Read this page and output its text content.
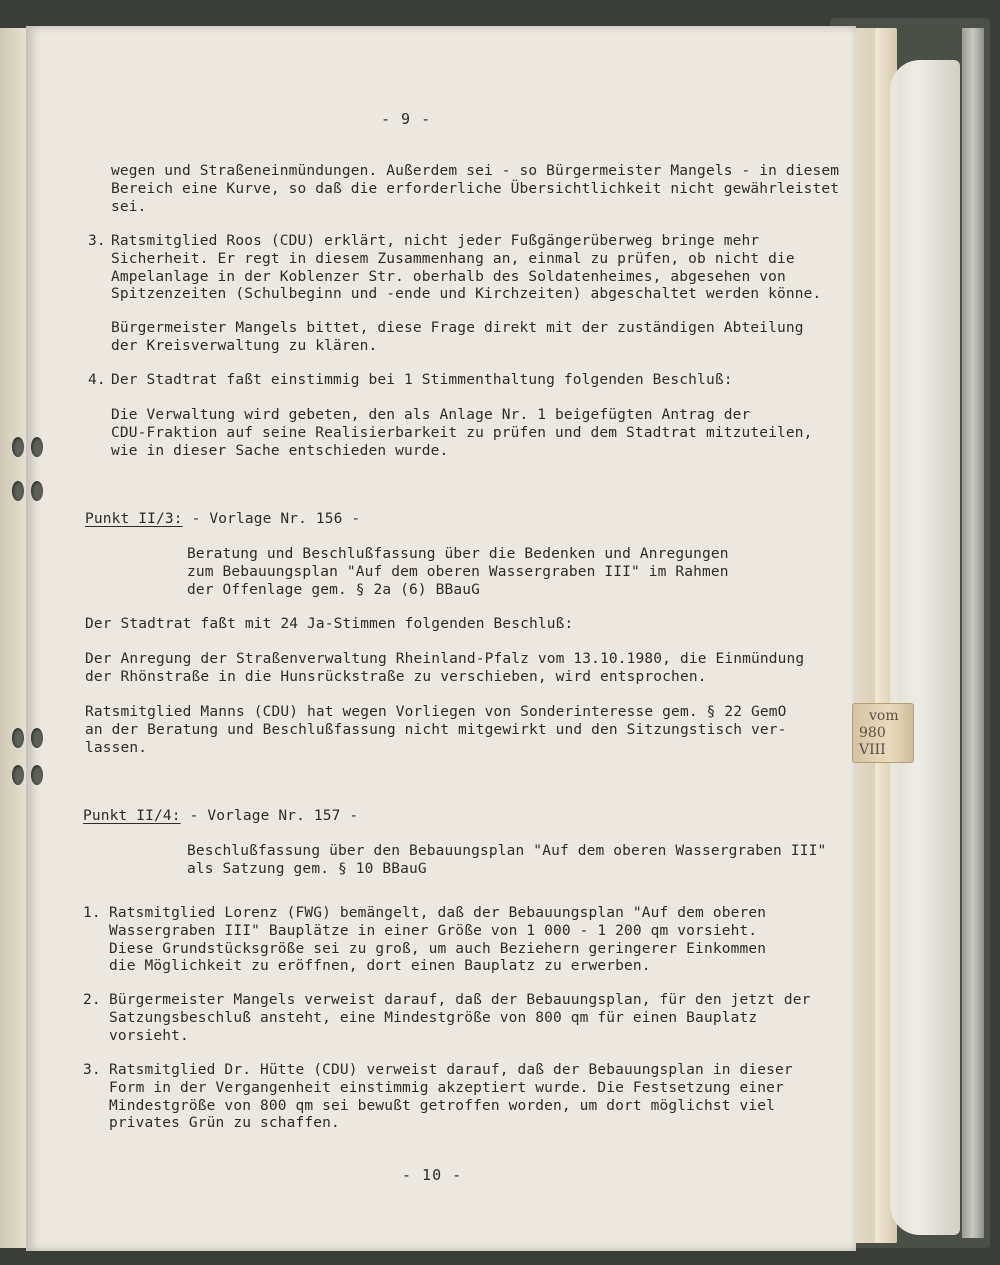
- 9 -

wegen und Straßeneinmündungen. Außerdem sei - so Bürgermeister Mangels - in diesem
Bereich eine Kurve, so daß die erforderliche Übersichtlichkeit nicht gewährleistet
sei.

3. Ratsmitglied Roos (CDU) erklärt, nicht jeder Fußgängerüberweg bringe mehr
Sicherheit. Er regt in diesem Zusammenhang an, einmal zu prüfen, ob nicht die
Ampelanlage in der Koblenzer Str. oberhalb des Soldatenheimes, abgesehen von
Spitzenzeiten (Schulbeginn und -ende und Kirchzeiten) abgeschaltet werden könne.

Bürgermeister Mangels bittet, diese Frage direkt mit der zuständigen Abteilung
der Kreisverwaltung zu klären.

4. Der Stadtrat faßt einstimmig bei 1 Stimmenthaltung folgenden Beschluß:

Die Verwaltung wird gebeten, den als Anlage Nr. 1 beigefügten Antrag der
CDU-Fraktion auf seine Realisierbarkeit zu prüfen und dem Stadtrat mitzuteilen,
wie in dieser Sache entschieden wurde.

Punkt II/3: - Vorlage Nr. 156 -

Beratung und Beschlußfassung über die Bedenken und Anregungen
zum Bebauungsplan "Auf dem oberen Wassergraben III" im Rahmen
der Offenlage gem. § 2a (6) BBauG

Der Stadtrat faßt mit 24 Ja-Stimmen folgenden Beschluß:

Der Anregung der Straßenverwaltung Rheinland-Pfalz vom 13.10.1980, die Einmündung
der Rhönstraße in die Hunsrückstraße zu verschieben, wird entsprochen.

Ratsmitglied Manns (CDU) hat wegen Vorliegen von Sonderinteresse gem. § 22 GemO
an der Beratung und Beschlußfassung nicht mitgewirkt und den Sitzungstisch ver-
lassen.

Punkt II/4: - Vorlage Nr. 157 -

Beschlußfassung über den Bebauungsplan "Auf dem oberen Wassergraben III"
als Satzung gem. § 10 BBauG

1. Ratsmitglied Lorenz (FWG) bemängelt, daß der Bebauungsplan "Auf dem oberen
Wassergraben III" Bauplätze in einer Größe von 1 000 - 1 200 qm vorsieht.
Diese Grundstücksgröße sei zu groß, um auch Beziehern geringerer Einkommen
die Möglichkeit zu eröffnen, dort einen Bauplatz zu erwerben.

2. Bürgermeister Mangels verweist darauf, daß der Bebauungsplan, für den jetzt der
Satzungsbeschluß ansteht, eine Mindestgröße von 800 qm für einen Bauplatz
vorsieht.

3. Ratsmitglied Dr. Hütte (CDU) verweist darauf, daß der Bebauungsplan in dieser
Form in der Vergangenheit einstimmig akzeptiert wurde. Die Festsetzung einer
Mindestgröße von 800 qm sei bewußt getroffen worden, um dort möglichst viel
privates Grün zu schaffen.

- 10 -

vom
980
VIII
